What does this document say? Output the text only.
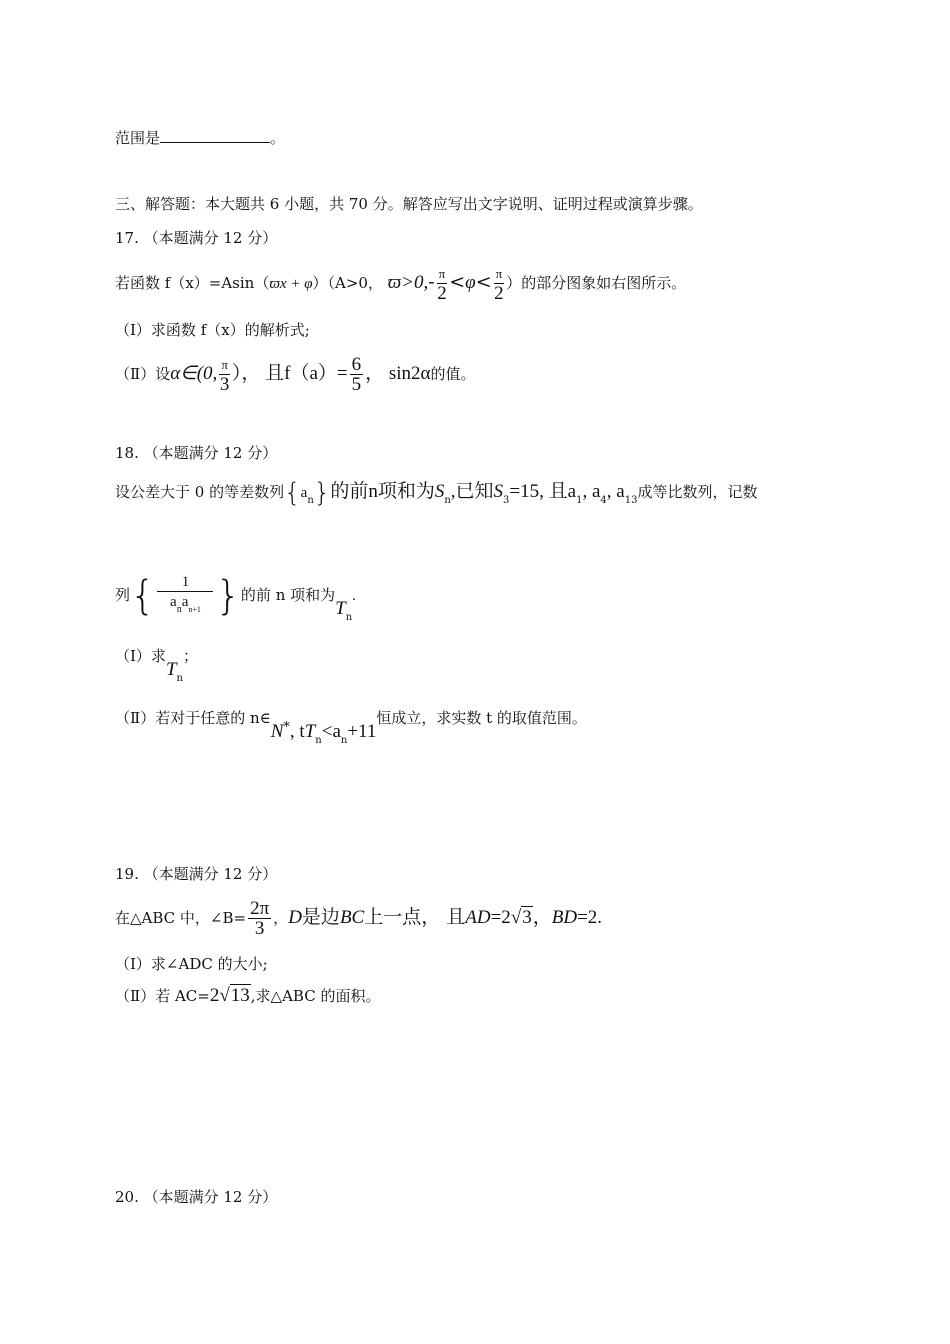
范围是	。
三、解答题：本大题共 6 小题，共 70 分。解答应写出文字说明、证明过程或演算步骤。
17. （本题满分 12 分）
若函数 f（x）=Asin（ϖx + φ）（A>0， $ϖ>0,- \frac{\pi}{2} <\varphi< \frac{\pi}{2}$ ）的部分图象如右图所示。
（Ⅰ）求函数 f（x）的解析式;
（Ⅱ）设α∈(0, $\frac{\pi}{3}$ ）， 且$f(a)= \frac{6}{5}$ ， sin2α的值。
18. （本题满分 12 分）
设公差大于 0 的等差数列$\{a_n\}$的前n项和为$S_n$,已知$S_3=15$, 且$a_1$, $a_4$, $a_{13}$成等比数列，记数
列{ $\frac{1}{a_na_{n+1}}$ }的前 n 项和为$T_n$.
（Ⅰ）求$T_n$；
（Ⅱ）若对于任意的 n∈N*, $tT_n<a_n+11$恒成立，求实数 t 的取值范围。
19. （本题满分 12 分）
在△ABC 中，∠B= $\frac{2\pi}{3}$ ，D是边BC上一点， 且AD=2√3，BD=2.
（Ⅰ）求∠ADC 的大小;
（Ⅱ）若 AC=2√13,求△ABC 的面积。
20. （本题满分 12 分）
